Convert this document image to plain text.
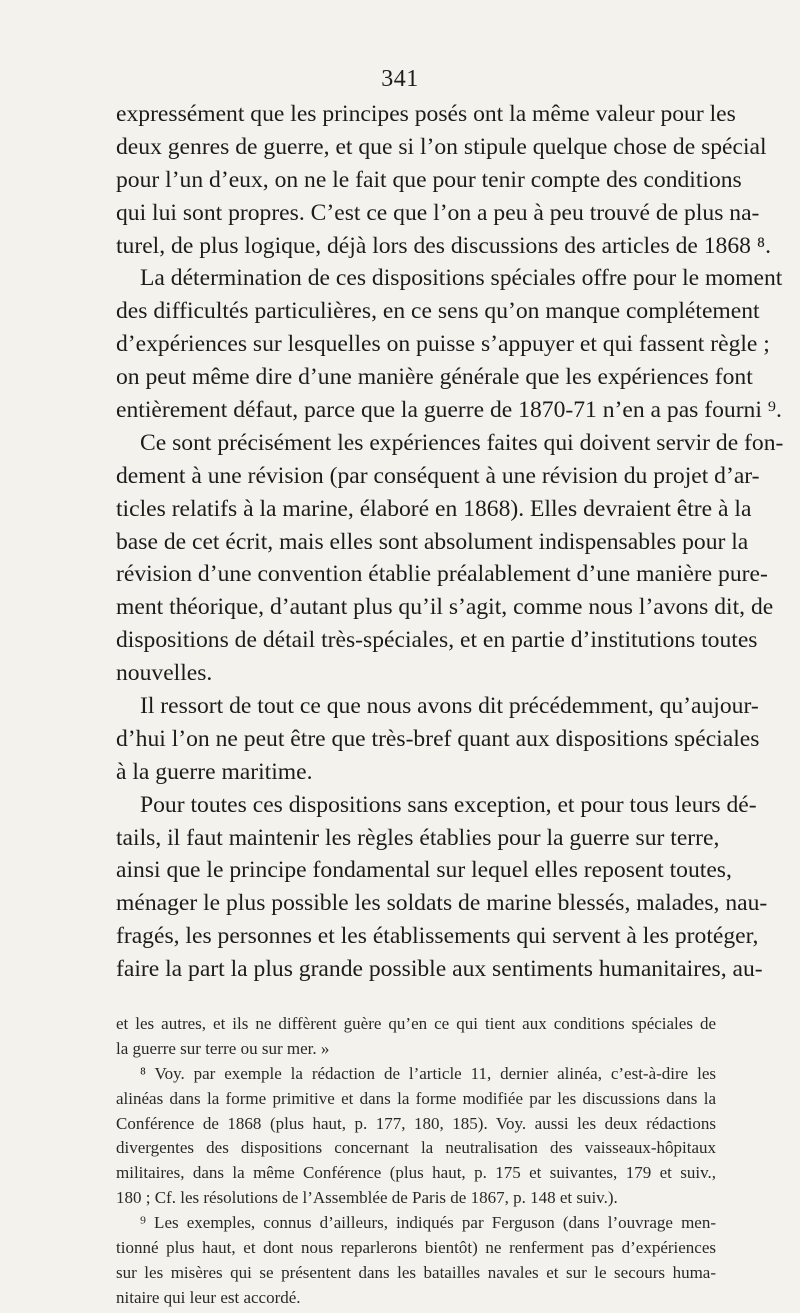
341
expressément que les principes posés ont la même valeur pour les
deux genres de guerre, et que si l’on stipule quelque chose de spécial
pour l’un d’eux, on ne le fait que pour tenir compte des conditions
qui lui sont propres. C’est ce que l’on a peu à peu trouvé de plus na-
turel, de plus logique, déjà lors des discussions des articles de 1868 ⁸.
La détermination de ces dispositions spéciales offre pour le moment
des difficultés particulières, en ce sens qu’on manque complétement
d’expériences sur lesquelles on puisse s’appuyer et qui fassent règle ;
on peut même dire d’une manière générale que les expériences font
entièrement défaut, parce que la guerre de 1870-71 n’en a pas fourni ⁹.
Ce sont précisément les expériences faites qui doivent servir de fon-
dement à une révision (par conséquent à une révision du projet d’ar-
ticles relatifs à la marine, élaboré en 1868). Elles devraient être à la
base de cet écrit, mais elles sont absolument indispensables pour la
révision d’une convention établie préalablement d’une manière pure-
ment théorique, d’autant plus qu’il s’agit, comme nous l’avons dit, de
dispositions de détail très-spéciales, et en partie d’institutions toutes
nouvelles.
Il ressort de tout ce que nous avons dit précédemment, qu’aujour-
d’hui l’on ne peut être que très-bref quant aux dispositions spéciales
à la guerre maritime.
Pour toutes ces dispositions sans exception, et pour tous leurs dé-
tails, il faut maintenir les règles établies pour la guerre sur terre,
ainsi que le principe fondamental sur lequel elles reposent toutes,
ménager le plus possible les soldats de marine blessés, malades, nau-
fragés, les personnes et les établissements qui servent à les protéger,
faire la part la plus grande possible aux sentiments humanitaires, au-
et les autres, et ils ne diffèrent guère qu’en ce qui tient aux conditions spéciales de
la guerre sur terre ou sur mer. »
⁸ Voy. par exemple la rédaction de l’article 11, dernier alinéa, c’est-à-dire les
alinéas dans la forme primitive et dans la forme modifiée par les discussions dans la
Conférence de 1868 (plus haut, p. 177, 180, 185). Voy. aussi les deux rédactions
divergentes des dispositions concernant la neutralisation des vaisseaux-hôpitaux
militaires, dans la même Conférence (plus haut, p. 175 et suivantes, 179 et suiv.,
180 ; Cf. les résolutions de l’Assemblée de Paris de 1867, p. 148 et suiv.).
⁹ Les exemples, connus d’ailleurs, indiqués par Ferguson (dans l’ouvrage men-
tionné plus haut, et dont nous reparlerons bientôt) ne renferment pas d’expériences
sur les misères qui se présentent dans les batailles navales et sur le secours huma-
nitaire qui leur est accordé.
